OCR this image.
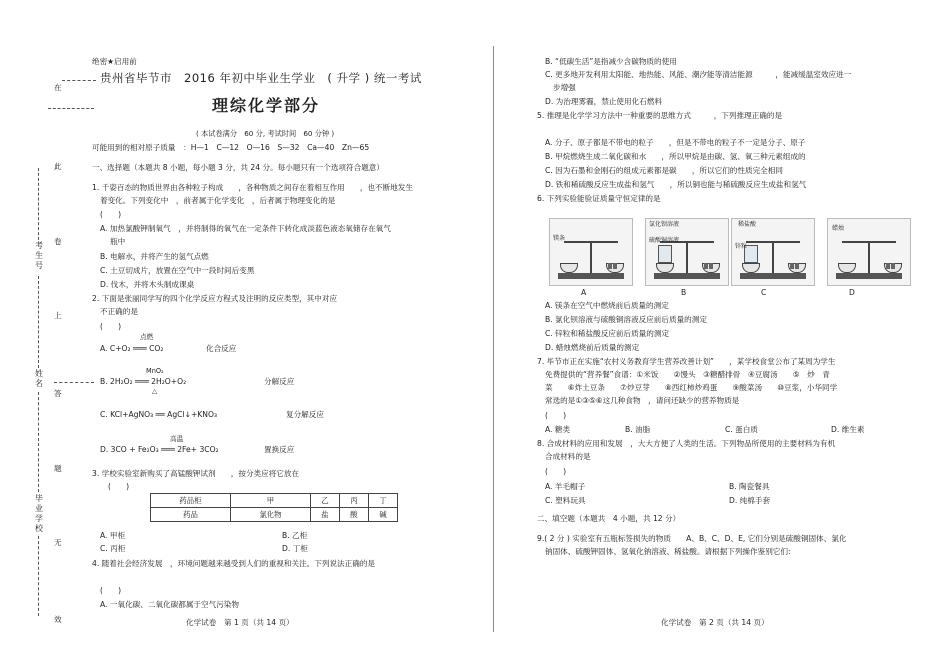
考生号
姓名
毕业学校
在
此
卷
上
答
题
无
效
绝密★启用前
贵州省毕节市　2016 年初中毕业生学业　( 升学 ) 统一考试
理综化学部分
( 本试卷满分　60 分, 考试时间　60 分钟 )
可能用到的相对原子质量　：H—1　C—12　O—16　S—32　Ca—40　Zn—65
一、选择题（本题共 8 小题，每小题 3 分，共 24 分。每小题只有一个选项符合题意）
1. 千姿百态的物质世界由各种粒子构成　　，各种物质之间存在着相互作用　　，也不断地发生
着变化。下列变化中　，前者属于化学变化　，后者属于物理变化的是
(　　)
A. 加热氯酸钾制氧气　，并将制得的氧气在一定条件下转化成淡蓝色液态氧储存在氧气
瓶中
B. 电解水，并将产生的氢气点燃
C. 土豆切成片，放置在空气中一段时间后变黑
D. 伐木，并将木头制成课桌
2. 下面是张丽同学写的四个化学反应方程式及注明的反应类型，其中对应
不正确的是
(　　)
点燃
A. C+O₂ ═══ CO₂	化合反应
MnO₂
B. 2H₂O₂ ═══ 2H₂O+O₂
△
分解反应
C. KCl+AgNO₃ ══ AgCl↓+KNO₃	复分解反应
高温
D. 3CO + Fe₂O₃ ═══ 2Fe+ 3CO₂	置换反应
3. 学校实验室新购买了高锰酸钾试剂　　，按分类应将它放在
(　　)
药品柜	甲	乙	丙	丁
药品	氯化物	盐	酸	碱
A. 甲柜	B. 乙柜
C. 丙柜	D. 丁柜
4. 随着社会经济发展　，环境问题越来越受到人们的重视和关注。下列说法正确的是
(　　)
A. 一氧化碳、二氧化碳都属于空气污染物
化学试卷　第 1 页（共 14 页）
B. “低碳生活”是指减少含碳物质的使用
C. 更多地开发利用太阳能、地热能、风能、潮汐能等清洁能源　　　，能减缓温室效应进一
步增强
D. 为治理雾霾，禁止使用化石燃料
5. 推理是化学学习方法中一种重要的思维方式　　　，下列推理正确的是
A. 分子、原子都是不带电的粒子　　，但是不带电的粒子不一定是分子、原子
B. 甲烷燃烧生成二氧化碳和水　　，所以甲烷是由碳、氢、氧三种元素组成的
C. 因为石墨和金刚石的组成元素都是碳　　，所以它们的性质完全相同
D. 铁和稀硫酸反应生成盐和氢气　　，所以铜也能与稀硫酸反应生成盐和氢气
6. 下列实验能验证质量守恒定律的是
镁条
氯化钡溶液
硫酸铜溶液
稀盐酸
锌粒
蜡烛
A	B	C	D
A. 镁条在空气中燃烧前后质量的测定
B. 氯化钡溶液与硫酸铜溶液反应前后质量的测定
C. 锌粒和稀盐酸反应前后质量的测定
D. 蜡烛燃烧前后质量的测定
7. 毕节市正在实施“农村义务教育学生营养改善计划”　　，某学校食堂公布了某周为学生
免费提供的“营养餐”食谱：①米饭　　②馒头　③糖醋排骨　④豆腐汤　　⑤　炒　青
菜　　⑥炸土豆条　　⑦炒豆芽　　⑧西红柿炒鸡蛋　　⑨酸菜汤　　⑩豆浆，小华同学
常选的是①③⑤⑥这几种食物　，请问还缺少的营养物质是
(　　)
A. 糖类	B. 油脂	C. 蛋白质	D. 维生素
8. 合成材料的应用和发展　，大大方便了人类的生活。下列物品所使用的主要材料为有机
合成材料的是
(　　)
A. 羊毛帽子	B. 陶瓷餐具
C. 塑料玩具	D. 纯棉手套
二、填空题（本题共　4 小题，共 12 分）
9.( 2 分 ) 实验室有五瓶标签损失的物质　　A、B、C、D、E, 它们分别是硫酸铜固体、氯化
钠固体、硫酸钾固体、氢氧化钠溶液、稀盐酸。请根据下列操作鉴别它们:
化学试卷　第 2 页（共 14 页）
